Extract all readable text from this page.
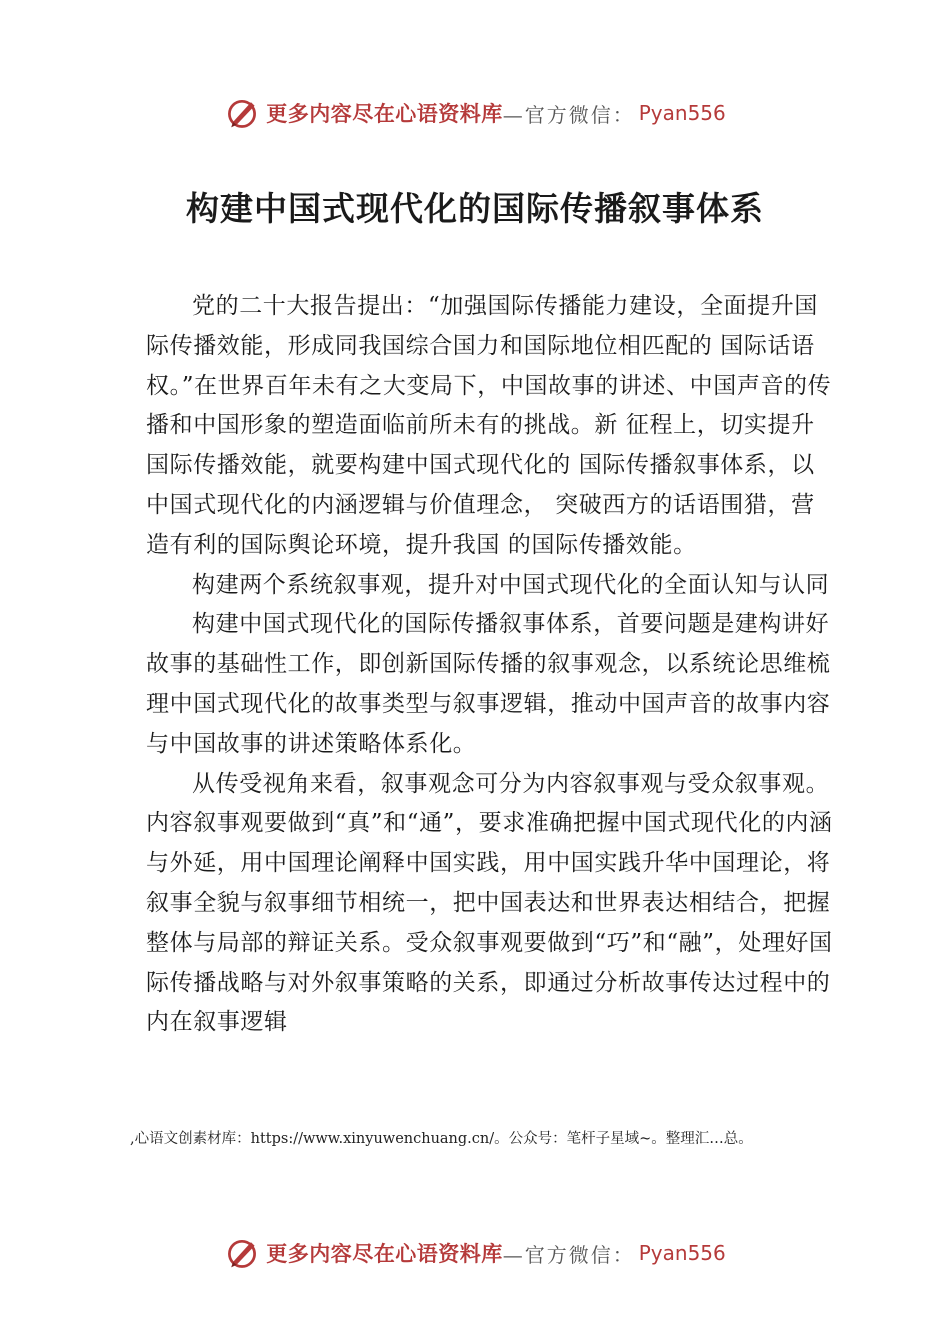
更多内容尽在心语资料库 —官方微信： Pyan556
构建中国式现代化的国际传播叙事体系

党的二十大报告提出：“加强国际传播能力建设，全面提升国际传播效能，形成同我国综合国力和国际地位相匹配的 国际话语权。”在世界百年未有之大变局下，中国故事的讲述、中国声音的传播和中国形象的塑造面临前所未有的挑战。新 征程上，切实提升国际传播效能，就要构建中国式现代化的 国际传播叙事体系，以中国式现代化的内涵逻辑与价值理念， 突破西方的话语围猎，营造有利的国际舆论环境，提升我国 的国际传播效能。

构建两个系统叙事观，提升对中国式现代化的全面认知与认同

构建中国式现代化的国际传播叙事体系，首要问题是建构讲好故事的基础性工作，即创新国际传播的叙事观念，以系统论思维梳理中国式现代化的故事类型与叙事逻辑，推动中国声音的故事内容与中国故事的讲述策略体系化。

从传受视角来看，叙事观念可分为内容叙事观与受众叙事观。内容叙事观要做到“真”和“通”，要求准确把握中国式现代化的内涵与外延，用中国理论阐释中国实践，用中国实践升华中国理论，将叙事全貌与叙事细节相统一，把中国表达和世界表达相结合，把握整体与局部的辩证关系。受众叙事观要做到“巧”和“融”，处理好国际传播战略与对外叙事策略的关系，即通过分析故事传达过程中的内在叙事逻辑

,心语文创素材库：https://www.xinyuwenchuang.cn/。公众号：笔杆子星域~。整理汇…总。
更多内容尽在心语资料库 —官方微信： Pyan556
